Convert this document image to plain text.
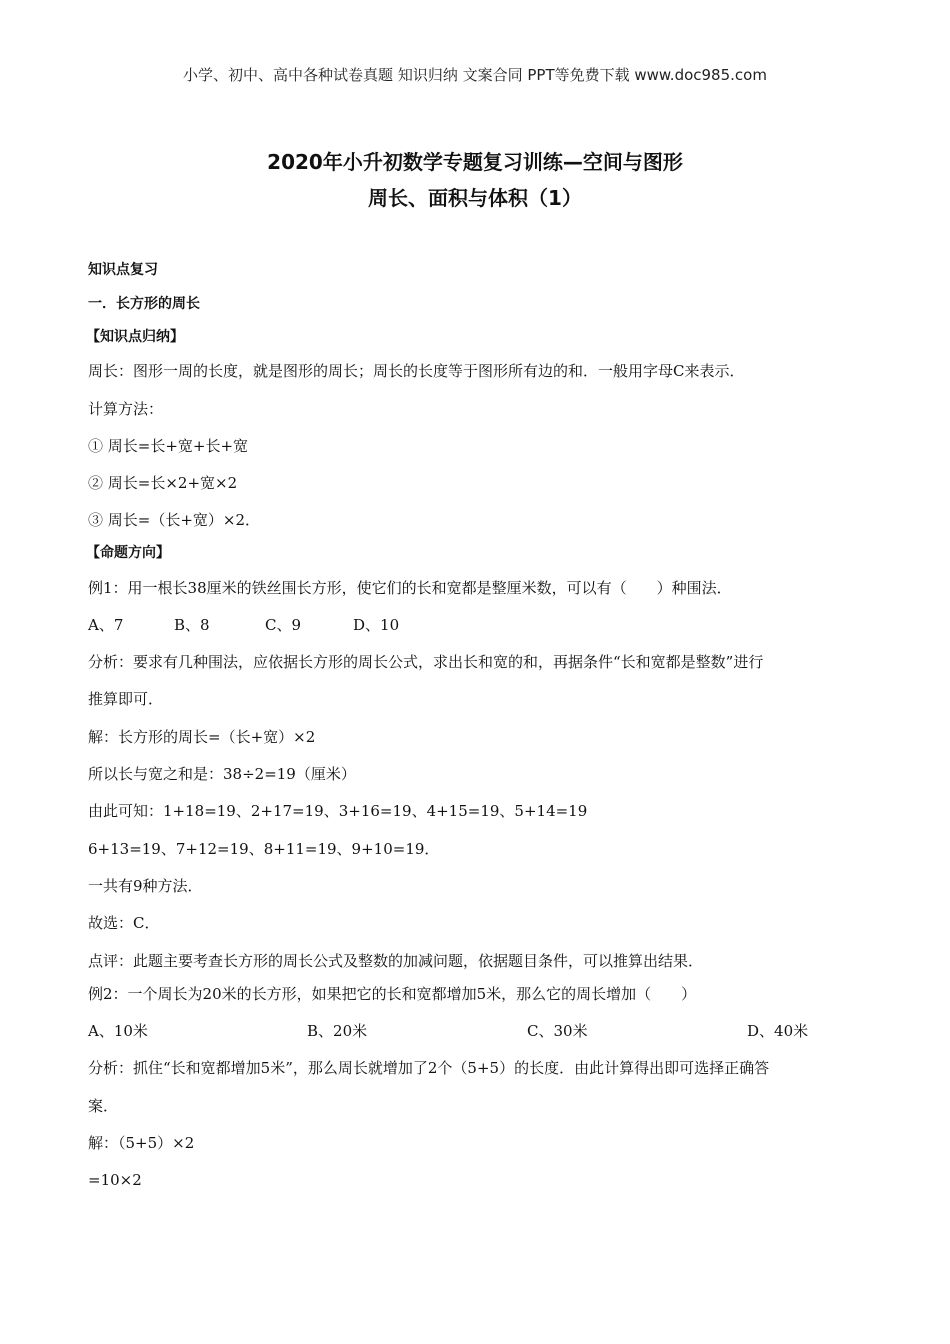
小学、初中、高中各种试卷真题 知识归纳 文案合同 PPT等免费下载 www.doc985.com
2020年小升初数学专题复习训练—空间与图形
周长、面积与体积（1）
知识点复习
一．长方形的周长
【知识点归纳】
周长：图形一周的长度，就是图形的周长；周长的长度等于图形所有边的和．一般用字母C来表示．
计算方法：
① 周长=长+宽+长+宽
② 周长=长×2+宽×2
③ 周长=（长+宽）×2．
【命题方向】
例1：用一根长38厘米的铁丝围长方形，使它们的长和宽都是整厘米数，可以有（　　）种围法．
A、7	B、8	C、9	D、10
分析：要求有几种围法，应依据长方形的周长公式，求出长和宽的和，再据条件“长和宽都是整数”进行
推算即可．
解：长方形的周长=（长+宽）×2
所以长与宽之和是：38÷2=19（厘米）
由此可知：1+18=19、2+17=19、3+16=19、4+15=19、5+14=19
6+13=19、7+12=19、8+11=19、9+10=19．
一共有9种方法．
故选：C．
点评：此题主要考查长方形的周长公式及整数的加减问题，依据题目条件，可以推算出结果．
例2：一个周长为20米的长方形，如果把它的长和宽都增加5米，那么它的周长增加（　　）
A、10米	B、20米	C、30米	D、40米
分析：抓住“长和宽都增加5米”，那么周长就增加了2个（5+5）的长度．由此计算得出即可选择正确答
案．
解：（5+5）×2
=10×2
